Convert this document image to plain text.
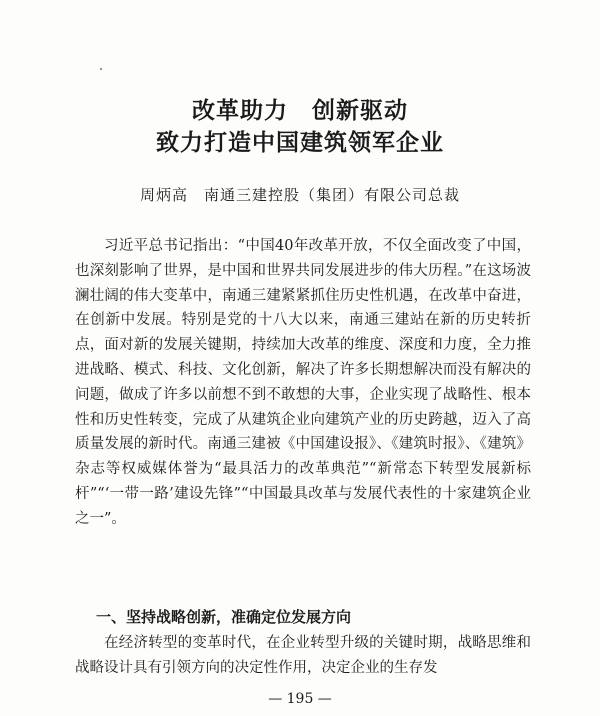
改革助力　创新驱动
致力打造中国建筑领军企业

周炳高　南通三建控股（集团）有限公司总裁

习近平总书记指出：“中国40年改革开放，不仅全面改变了中国，也深刻影响了世界，是中国和世界共同发展进步的伟大历程。”在这场波澜壮阔的伟大变革中，南通三建紧紧抓住历史性机遇，在改革中奋进，在创新中发展。特别是党的十八大以来，南通三建站在新的历史转折点，面对新的发展关键期，持续加大改革的维度、深度和力度，全力推进战略、模式、科技、文化创新，解决了许多长期想解决而没有解决的问题，做成了许多以前想不到不敢想的大事，企业实现了战略性、根本性和历史性转变，完成了从建筑企业向建筑产业的历史跨越，迈入了高质量发展的新时代。南通三建被《中国建设报》、《建筑时报》、《建筑》杂志等权威媒体誉为“最具活力的改革典范”“新常态下转型发展新标杆”“‘一带一路’建设先锋”“中国最具改革与发展代表性的十家建筑企业之一”。

一、坚持战略创新，准确定位发展方向

在经济转型的变革时代，在企业转型升级的关键时期，战略思维和战略设计具有引领方向的决定性作用，决定企业的生存发

— 195 —
